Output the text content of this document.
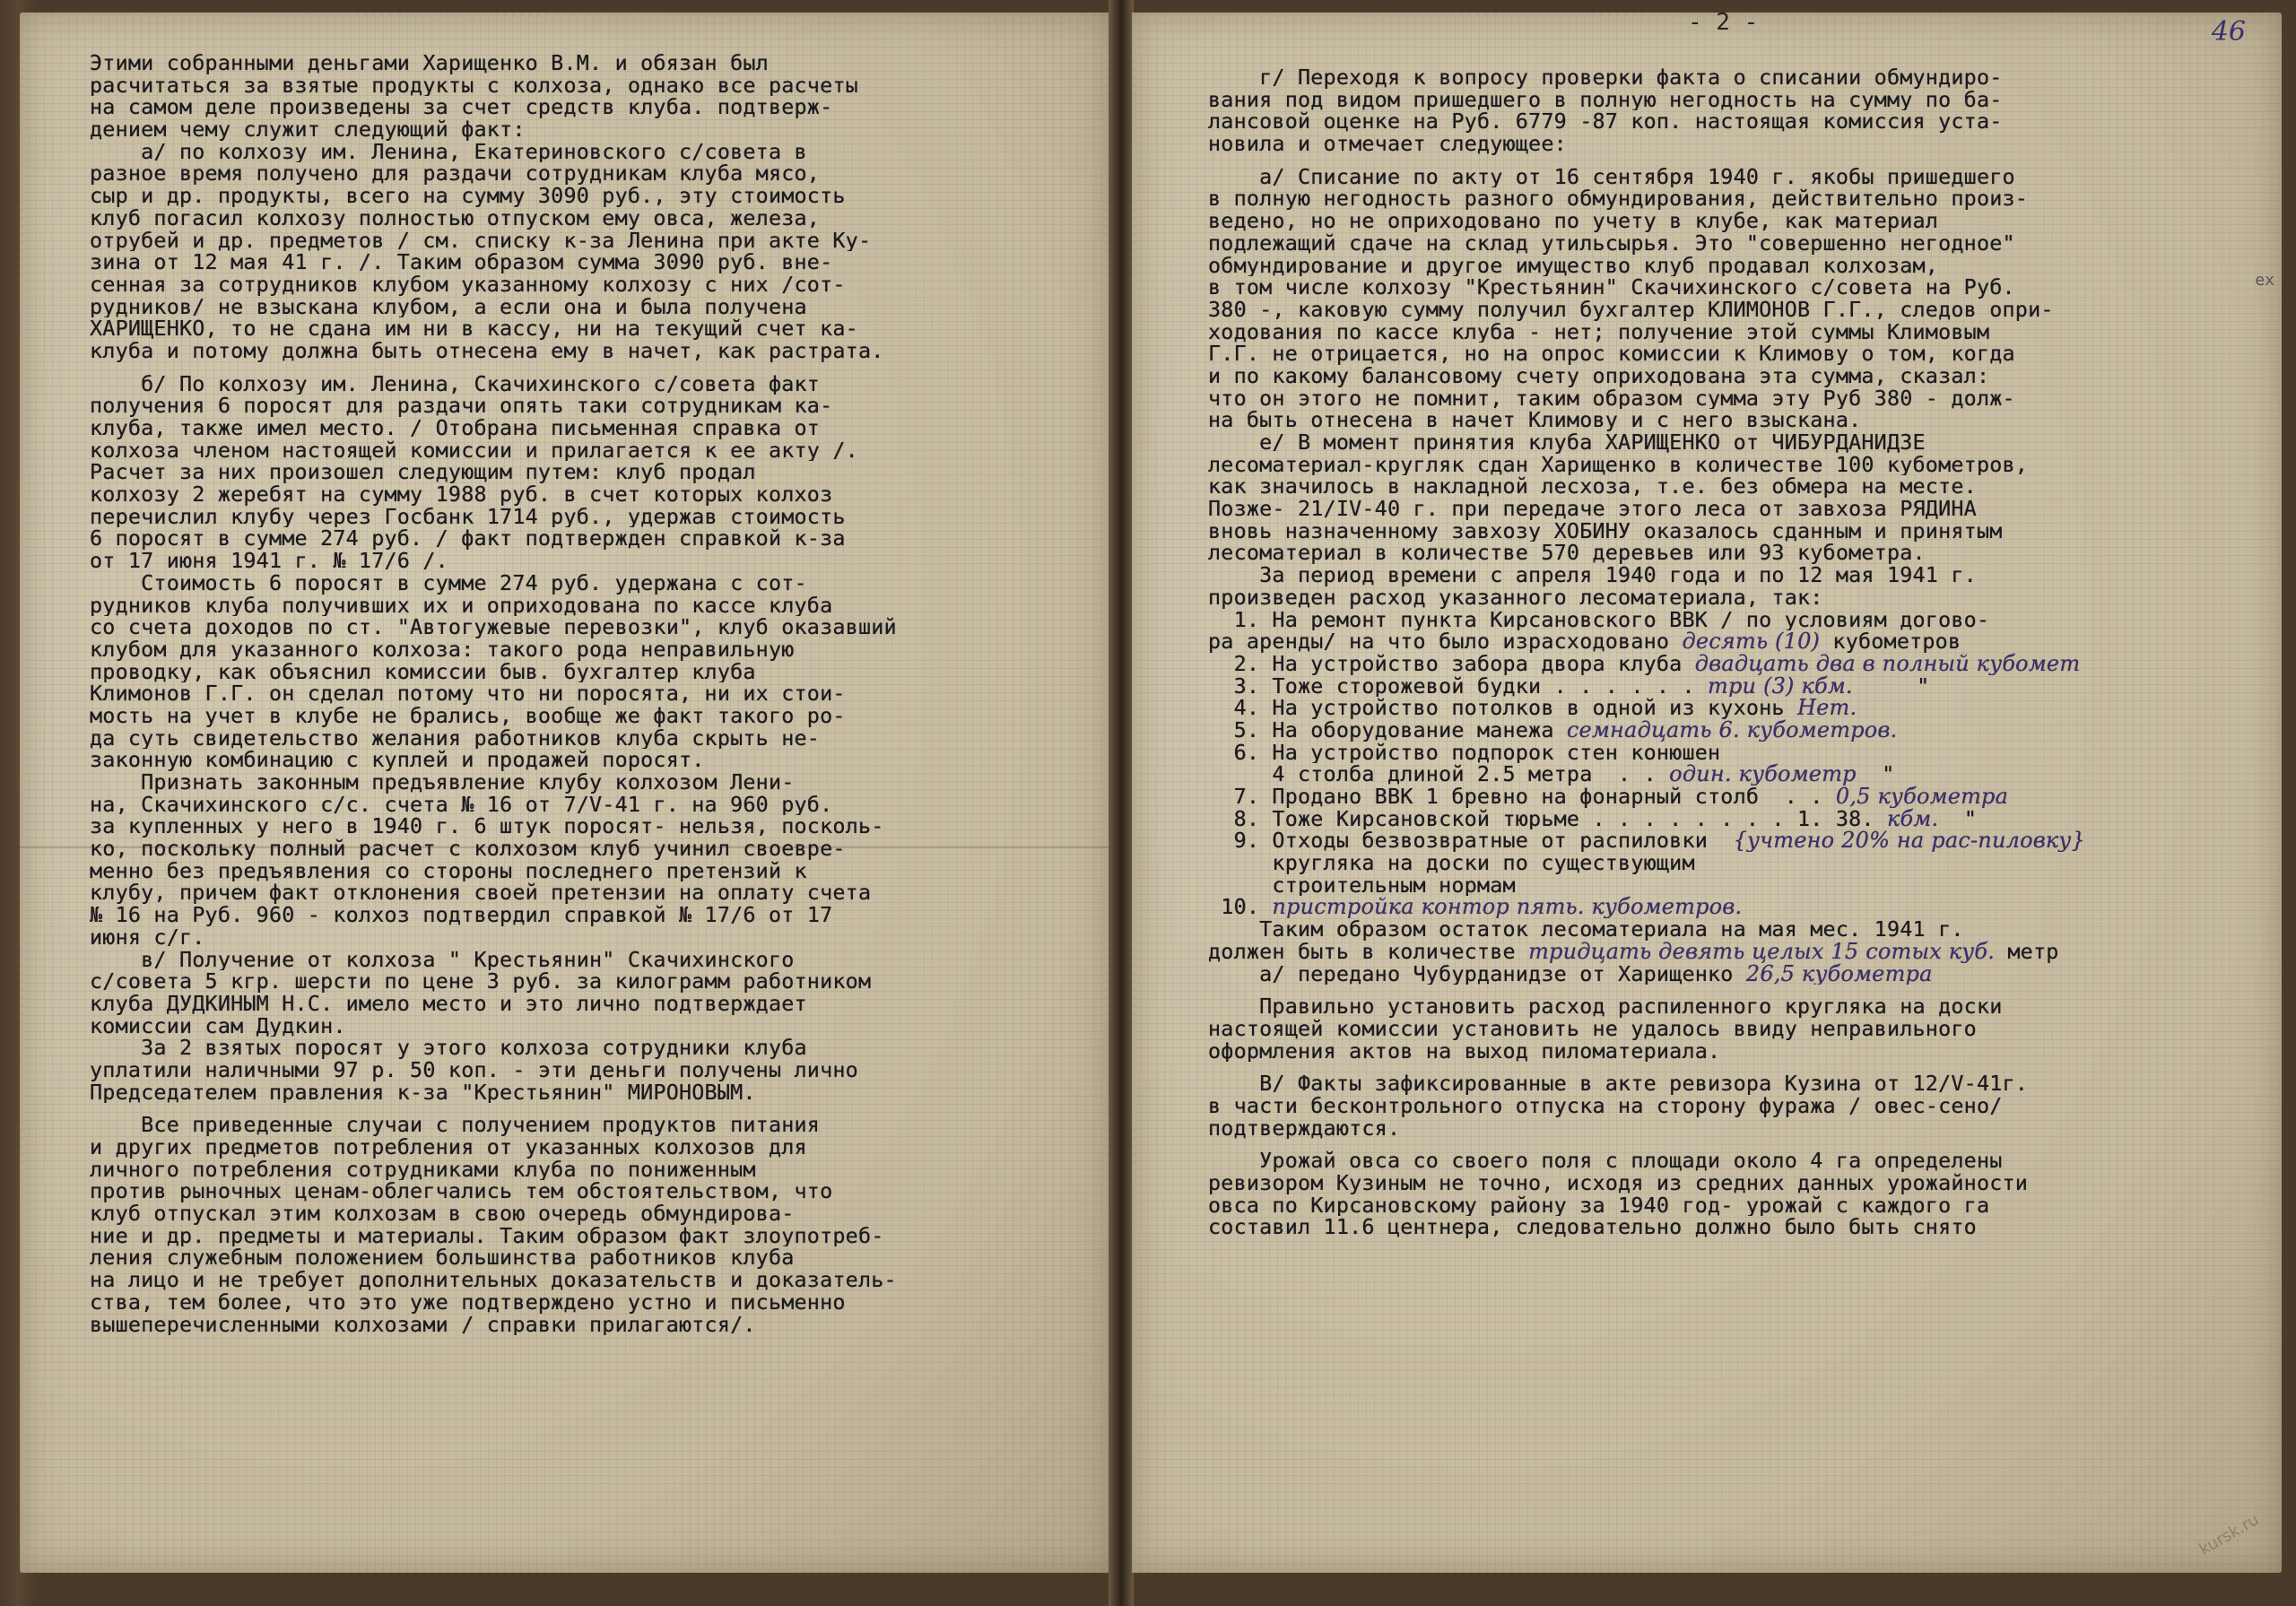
Этими собранными деньгами Харищенко В.М. и обязан был
расчитаться за взятые продукты с колхоза, однако все расчеты
на самом деле произведены за счет средств клуба. подтверж-
дением чему служит следующий факт:
а/ по колхозу им. Ленина, Екатериновского с/совета в
разное время получено для раздачи сотрудникам клуба мясо,
сыр и др. продукты, всего на сумму 3090 руб., эту стоимость
клуб погасил колхозу полностью отпуском ему овса, железа,
отрубей и др. предметов / см. списку к-за Ленина при акте Ку-
зина от 12 мая 41 г. /. Таким образом сумма 3090 руб. вне-
сенная за сотрудников клубом указанному колхозу с них /сот-
рудников/ не взыскана клубом, а если она и была получена
ХАРИЩЕНКО, то не сдана им ни в кассу, ни на текущий счет ка-
клуба и потому должна быть отнесена ему в начет, как растрата.
б/ По колхозу им. Ленина, Скачихинского с/совета факт
получения 6 поросят для раздачи опять таки сотрудникам ка-
клуба, также имел место. / Отобрана письменная справка от
колхоза членом настоящей комиссии и прилагается к ее акту /.
Расчет за них произошел следующим путем: клуб продал
колхозу 2 жеребят на сумму 1988 руб. в счет которых колхоз
перечислил клубу через Госбанк 1714 руб., удержав стоимость
6 поросят в сумме 274 руб. / факт подтвержден справкой к-за
от 17 июня 1941 г. № 17/6 /.
Стоимость 6 поросят в сумме 274 руб. удержана с сот-
рудников клуба получивших их и оприходована по кассе клуба
со счета доходов по ст. "Автогужевые перевозки", клуб оказавший
клубом для указанного колхоза: такого рода неправильную
проводку, как объяснил комиссии быв. бухгалтер клуба
Климонов Г.Г. он сделал потому что ни поросята, ни их стои-
мость на учет в клубе не брались, вообще же факт такого ро-
да суть свидетельство желания работников клуба скрыть не-
законную комбинацию с куплей и продажей поросят.
Признать законным предъявление клубу колхозом Лени-
на, Скачихинского с/с. счета № 16 от 7/V-41 г. на 960 руб.
за купленных у него в 1940 г. 6 штук поросят- нельзя, посколь-
ко, поскольку полный расчет с колхозом клуб учинил своевре-
менно без предъявления со стороны последнего претензий к
клубу, причем факт отклонения своей претензии на оплату счета
№ 16 на Руб. 960 - колхоз подтвердил справкой № 17/6 от 17
июня с/г.
в/ Получение от колхоза " Крестьянин" Скачихинского
с/совета 5 кгр. шерсти по цене 3 руб. за килограмм работником
клуба ДУДКИНЫМ Н.С. имело место и это лично подтверждает
комиссии сам Дудкин.
За 2 взятых поросят у этого колхоза сотрудники клуба
уплатили наличными 97 р. 50 коп. - эти деньги получены лично
Председателем правления к-за "Крестьянин" МИРОНОВЫМ.
Все приведенные случаи с получением продуктов питания
и других предметов потребления от указанных колхозов для
личного потребления сотрудниками клуба по пониженным
против рыночных ценам-облегчались тем обстоятельством, что
клуб отпускал этим колхозам в свою очередь обмундирова-
ние и др. предметы и материалы. Таким образом факт злоупотреб-
ления служебным положением большинства работников клуба
на лицо и не требует дополнительных доказательств и доказатель-
ства, тем более, что это уже подтверждено устно и письменно
вышеперечисленными колхозами / справки прилагаются/.
- 2 -	46
ех
г/ Переходя к вопросу проверки факта о списании обмундиро-
вания под видом пришедшего в полную негодность на сумму по ба-
лансовой оценке на Руб. 6779 -87 коп. настоящая комиссия уста-
новила и отмечает следующее:
а/ Списание по акту от 16 сентября 1940 г. якобы пришедшего
в полную негодность разного обмундирования, действительно произ-
ведено, но не оприходовано по учету в клубе, как материал
подлежащий сдаче на склад утильсырья. Это "совершенно негодное"
обмундирование и другое имущество клуб продавал колхозам,
в том числе колхозу "Крестьянин" Скачихинского с/совета на Руб.
380 -, каковую сумму получил бухгалтер КЛИМОНОВ Г.Г., следов опри-
ходования по кассе клуба - нет; получение этой суммы Климовым
Г.Г. не отрицается, но на опрос комиссии к Климову о том, когда
и по какому балансовому счету оприходована эта сумма, сказал:
что он этого не помнит, таким образом сумма эту Руб 380 - долж-
на быть отнесена в начет Климову и с него взыскана.
е/ В момент принятия клуба ХАРИЩЕНКО от ЧИБУРДАНИДЗЕ
лесоматериал-кругляк сдан Харищенко в количестве 100 кубометров,
как значилось в накладной лесхоза, т.е. без обмера на месте.
Позже- 21/IV-40 г. при передаче этого леса от завхоза РЯДИНА
вновь назначенному завхозу ХОБИНУ оказалось сданным и принятым
лесоматериал в количестве 570 деревьев или 93 кубометра.
За период времени с апреля 1940 года и по 12 мая 1941 г.
произведен расход указанного лесоматериала, так:
1. На ремонт пункта Кирсановского ВВК / по условиям догово-
ра аренды/ на что было израсходовано десять (10) кубометров
2. На устройство забора двора клуба двадцать два в полный кубомет
3. Тоже сторожевой будки . . . . . . три (3) кбм.     "
4. На устройство потолков в одной из кухонь Нет.
5. На оборудование манежа семнадцать 6. кубометров.
6. На устройство подпорок стен конюшен
4 столба длиной 2.5 метра  . . один. кубометр  "
7. Продано ВВК 1 бревно на фонарный столб  . . 0,5 кубометра
8. Тоже Кирсановской тюрьме . . . . . . . . 1. 38. кбм.  "
9. Отходы безвозвратные от распиловки  {учтено 20% на рас-пиловку}
кругляка на доски по существующим
строительным нормам
10. пристройка контор пять. кубометров.
Таким образом остаток лесоматериала на мая мес. 1941 г.
должен быть в количестве тридцать девять целых 15 сотых куб. метр
а/ передано Чубурданидзе от Харищенко 26,5 кубометра
Правильно установить расход распиленного кругляка на доски
настоящей комиссии установить не удалось ввиду неправильного
оформления актов на выход пиломатериала.
В/ Факты зафиксированные в акте ревизора Кузина от 12/V-41г.
в части бесконтрольного отпуска на сторону фуража / овес-сено/
подтверждаются.
Урожай овса со своего поля с площади около 4 га определены
ревизором Кузиным не точно, исходя из средних данных урожайности
овса по Кирсановскому району за 1940 год- урожай с каждого га
составил 11.6 центнера, следовательно должно было быть снято
kursk.ru
